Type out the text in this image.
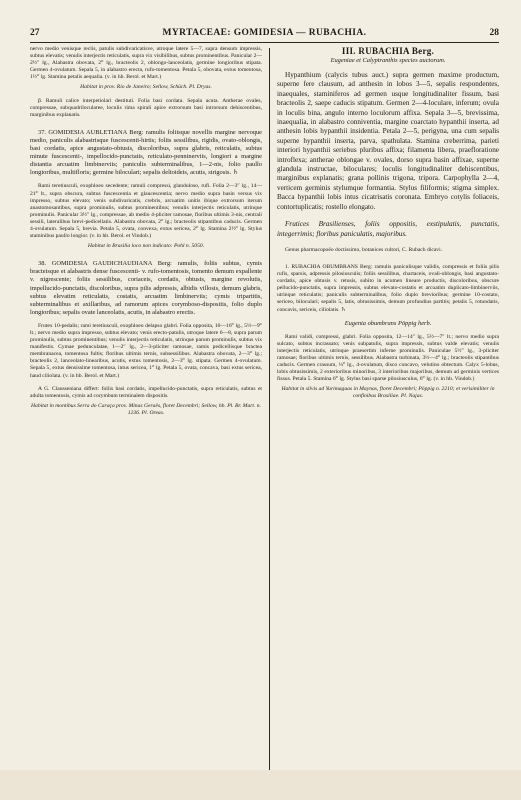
27	MYRTACEAE: GOMIDESIA — RUBACHIA.	28

nervo medio venisque reclis, patulis subdivaricatisve, utroque latere 5—7, supra densum impressis, subtus elevatis; venulis interjectis reticulatis, supra vix visibilibus, subtus prominentibus. Panicular 2—2½″ lg., Alabastra obovata, 2‴ lg., bracteolis 2, oblongo-lanceolatis, germine longioribus stipata. Germen 4-ovulatum. Sepala 5, in alabastro erecta, rufo-tomentosa. Petala 5, obovata, extus tomentosa, 1½‴ lg. Stamina petalis aequalia. (v. in hb. Berol. et Mart.)

Habitat in prov. Rio de Janeiro; Sellow, Schüch. Pl. Dryas.

β. Ramuli calice interpetiolari destituti. Folia basi cordata. Sepala acuta. Antherae ovales, compressae, subquadrilocularee, loculis rima spirali apice extrorsum basi introrsum dehiscentibus, marginibus explanatis.

37. GOMIDESIA AUBLETIANA Berg: ramulis foliisque novellis margine nervoque medio, paniculis alabastrisque fuscescenti-hirtis; foliis sessilibus, rigidis, ovato-oblongis, basi cordatis, apice angustato-obtusis, discoloribus, supra glabris, reticulatis, subtus minute fuscescenti-, impellocido-punctatis, reticulato-penninerviis, longiori a margine distantia arcuatim limbinerviis; paniculis subterminalibus, 1—2-nis, folio paullo longioribus, multifloris; germine biloculari; sepalis deltoideis, acutis, strigosis. ♄

Rami teretiusculi, exophloeo secedente; ramuli compressi, glanduloso, rufi. Folia 2—3″ lg., 14—21‴ lt., supra obscura, subtus fuscescentia et glaucescentia; nervo medio supra basin versus vix impresso, subtus elevato; venis subdivaricatis, crebris, arcuatim unitis ibique extrorsum iterum anastomosantibus, supra prominulis, subtus prominentibus; venulis interjectis reticulatis, utrinque prominulis. Panicular 3½″ lg., compressae, ab medio 4-pliciter ramosae, floribus ultimis 3-nis, centrali sessili, lateralibus brevi-pedicellatis. Alabastra obovata, 2‴ lg.; bracteolis stipantibus caducis. Germen 4-ovulatum. Sepala 5, brevia. Petala 5, ovata, convexa, extus sericea, 2‴ lg. Stamina 2½‴ lg. Stylus staminibus paullo longior. (v. in hb. Berol. et Vindob.)

Habitat in Brasilia loco non indicato: Pohl n. 5050.

38. GOMIDESIA GAUDICHAUDIANA Berg: ramulis, foliis subtus, cymis bracteisque et alabastris dense fuscescenti- v. rufo-tomentosis, tomento demum expallente v. nigrescente; foliis sessilibus, coriaceis, cordatis, obtusis, margine revolutis, impellucido-punctatis, discoloribus, supra pilis adpressis, albidis villosis, demum glabris, subtus elevatim reticulatis, costatis, arcuatim limbinerviis; cymis tripartitis, subterminalibus et axillaribus, ad ramorum apices corymboso-dispositis, folio duplo longioribus; sepalis ovate lanceolatis, acutis, in alabastro erectis.

Frutex 10-pedalis; rami teretiusculi, exophloeo delapso glabri. Folia opposita, 10—16‴ lg., 5½—9‴ lt.; nervo medio supra impresso, subtus elevato; venis erecto-patulis, utroque latere 6—8, supra parum prominulis, subtus prominentibus; venulis interjectis reticulatis, utrinque parum prominulis, subtus vix manifestis. Cymae pedunculatae, 1—2″ lg., 2—3-pliciter ramosae, ramis pedicellisque bractea membranacea, tomentosa fultis; floribus ultimis ternis, subsessilibus. Alabastra obovata, 2—3‴ lg.; bracteolis 2, lanceolato-linearibus, acutis, extus tomentosis, 2—3‴ lg. stipata. Germen 4-ovulatum. Sepala 5, extus densissime tomentosa, intus sericea, 1‴ lg. Petala 5, ovata, concava, basi extus sericea, haud ciliolata. (v. in hb. Berol. et Mart.)

A G. Clausseniana differt: foliis basi cordatis, impellucido-punctatis, supra reticulatis, subtus et adulta tomentosis, cymis ad corymbum terminalem dispositis.

Habitat in montibus Serra do Caraça prov. Minas Geraës, floret Decembri; Sellow, hb. Pl. Br. Mart. n. 1236. Pl. Oreas.

III. RUBACHIA Berg.

Eugeniae et Calyptranthis species auctorum.

Hypanthium (calycis tubus auct.) supra germen maxime productum, superne fere clausum, ad anthesin in lobos 3—5, sepalis respondentes, inaequales, staminiferos ad germen usque longitudinaliter fissum, basi bracteolis 2, saepe caducis stipatum. Germen 2—4-loculare, inferum; ovula in loculis bina, angulo interno loculorum affixa. Sepala 3—5, brevissima, inaequalia, in alabastro conniventia, margine coarctato hypanthii inserta, ad anthesin lobis hypanthii insidentia. Petala 2—5, perigyna, una cum sepalis superne hypanthii inserta, parva, spathulata. Stamina creberrima, parieti interiori hypanthii seriebus pluribus affixa; filamenta libera, praefloratione introflexa; antherae oblongae v. ovales, dorso supra basin affixae, superne glandula instructae, biloculares; loculis longitudinaliter dehiscentibus, marginibus explanatis; grana pollinis trigona, tripora. Carpophylla 2—4, verticem germinis stylumque formantia. Stylus filiformis; stigma simplex. Bacca hypanthii lobis intus cicatrisatis coronata. Embryo cotylis foliaceis, contortuplicatis; rostello elongato.

Frutices Brasilienses, foliis oppositis, exstipulatis, punctatis, integerrimis; floribus paniculatis, majoribus.

Genus pharmacopoëo doctissimo, botanices cultori, C. Rubach dicavi.

1. RUBACHIA OBUMBRANS Berg: ramulis paniculisque validis, compressis et foliis pilis rufis, sparsis, adpressis pilosiusculis; foliis sessilibus, chartaceis, ovali-oblongis, basi angustato-cordatis, apice obtusis v. retusis, subito in acumen lineare productis, discoloribus, obscure pellucido-punctatis, supra impressis, subtus elevato-costatis et arcuatim duplicato-limbinerviis, utrinque reticulatis; paniculis subterminalibus, folio duplo brevioribus; germine 10-costato, sericeo, biloculari; sepalis 5, latis, obtusissimis, demum profundius partitis; petalis 5, rotundatis, concavis, sericeis, ciliolatis. ♄

Eugenia obumbrans Pöppig herb.

Rami validi, compressi, glabri. Folia opposita, 12—14″ lg., 5½—7″ lt.; nervo medio supra sulcato, subtus incrassato; venis subpatulis, supra impressis, subtus valde elevatis; venulis interjectis reticulatis, utrinque praesertim inferne prominulis. Paniculae 5½″ lg., 3-pliciter ramosae; floribus ultimis ternis, sessilibus. Alabastra turbinata, 3½—4‴ lg.; bracteolis stipantibus caducis. Germen crassum, ¼‴ lg., 4-ovulatum, disco concavo, velutino obtectum. Calyx 5-lobus, lobis obtusissimis, 2 exterioribus minoribus, 3 interioribus majoribus, demum ad germinis vertices fissus. Petala 5. Stamina 6‴ lg. Stylus basi sparse pilosiusculus, 6‴ lg. (v. in hb. Vindob.)

Habitat in silvis ad Yurimaguas in Maynas, floret Decembri; Pöppig n. 2210; et verisimiliter in confinibus Brasiliae. Pl. Najas.
